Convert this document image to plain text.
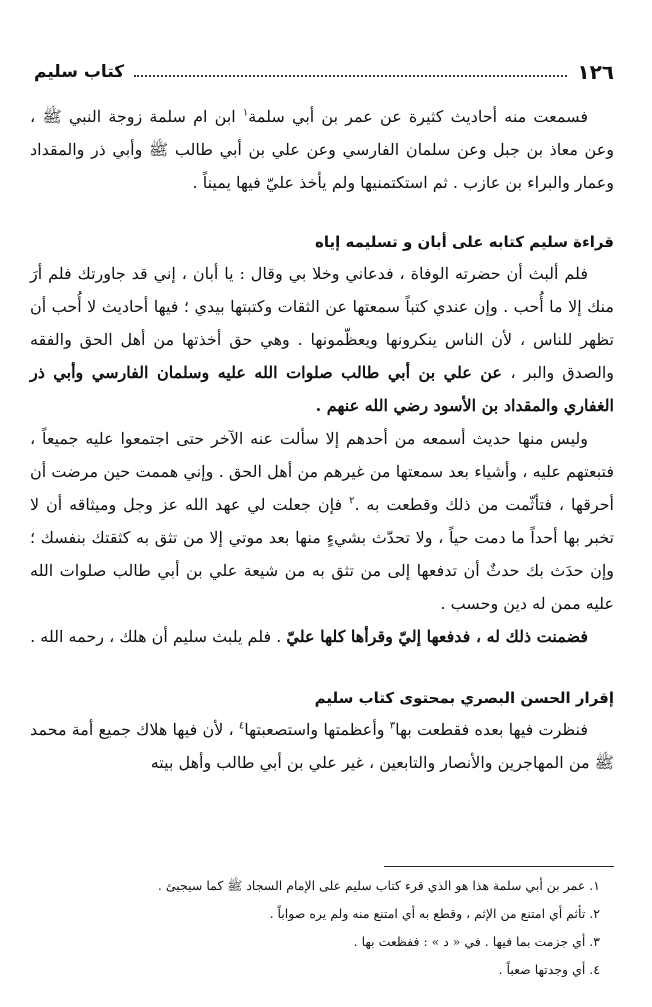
١٢٦
كتاب سليم

فسمعت منه أحاديث كثيرة عن عمر بن أبي سلمة$^١$ ابن ام سلمة زوجة النبي ﷺ ، وعن معاذ بن جبل وعن سلمان الفارسي وعن علي بن أبي طالب ﷺ وأبي ذر والمقداد وعمار والبراء بن عازب . ثم استكتمنيها ولم يأخذ عليّ فيها يميناً .

قراءة سليم كتابه على أبان و تسليمه إياه

فلم ألبث أن حضرته الوفاة ، فدعاني وخلا بي وقال : يا أبان ، إني قد جاورتك فلم أرَ منك إلا ما أُحب . وإن عندي كتباً سمعتها عن الثقات وكتبتها بيدي ؛ فيها أحاديث لا أُحب أن تظهر للناس ، لأن الناس ينكرونها ويعظّمونها . وهي حق أخذتها من أهل الحق والفقه والصدق والبر ، عن علي بن أبي طالب صلوات الله عليه وسلمان الفارسي وأبي ذر الغفاري والمقداد بن الأسود رضي الله عنهم .

وليس منها حديث أسمعه من أحدهم إلا سألت عنه الآخر حتى اجتمعوا عليه جميعاً ، فتبعتهم عليه ، وأشياء بعد سمعتها من غيرهم من أهل الحق . وإني هممت حين مرضت أن أحرقها ، فتأثّمت من ذلك وقطعت به .$^٢$ فإن جعلت لي عهد الله عز وجل وميثاقه أن لا تخبر بها أحداً ما دمت حياً ، ولا تحدّث بشيءٍ منها بعد موتي إلا من تثق به كثقتك بنفسك ؛ وإن حدَث بك حدثٌ أن تدفعها إلى من تثق به من شيعة علي بن أبي طالب صلوات الله عليه ممن له دين وحسب .

فضمنت ذلك له ، فدفعها إليّ وقرأها كلها عليّ . فلم يلبث سليم أن هلك ، رحمه الله .

إقرار الحسن البصري بمحتوى كتاب سليم

فنظرت فيها بعده فقطعت بها$^٣$ وأعظمتها واستصعبتها$^٤$ ، لأن فيها هلاك جميع أمة محمد ﷺ من المهاجرين والأنصار والتابعين ، غير علي بن أبي طالب وأهل بيته

١. عمر بن أبي سلمة هذا هو الذي قرء كتاب سليم على الإمام السجاد ﷺ كما سيجيئ .

٢. تأثم أي امتنع من الإثم ، وقطع به أي امتنع منه ولم يره صواباً .

٣. أي جزمت بما فيها . في « د » : ففظعت بها .

٤. أي وجدتها صعباً .
